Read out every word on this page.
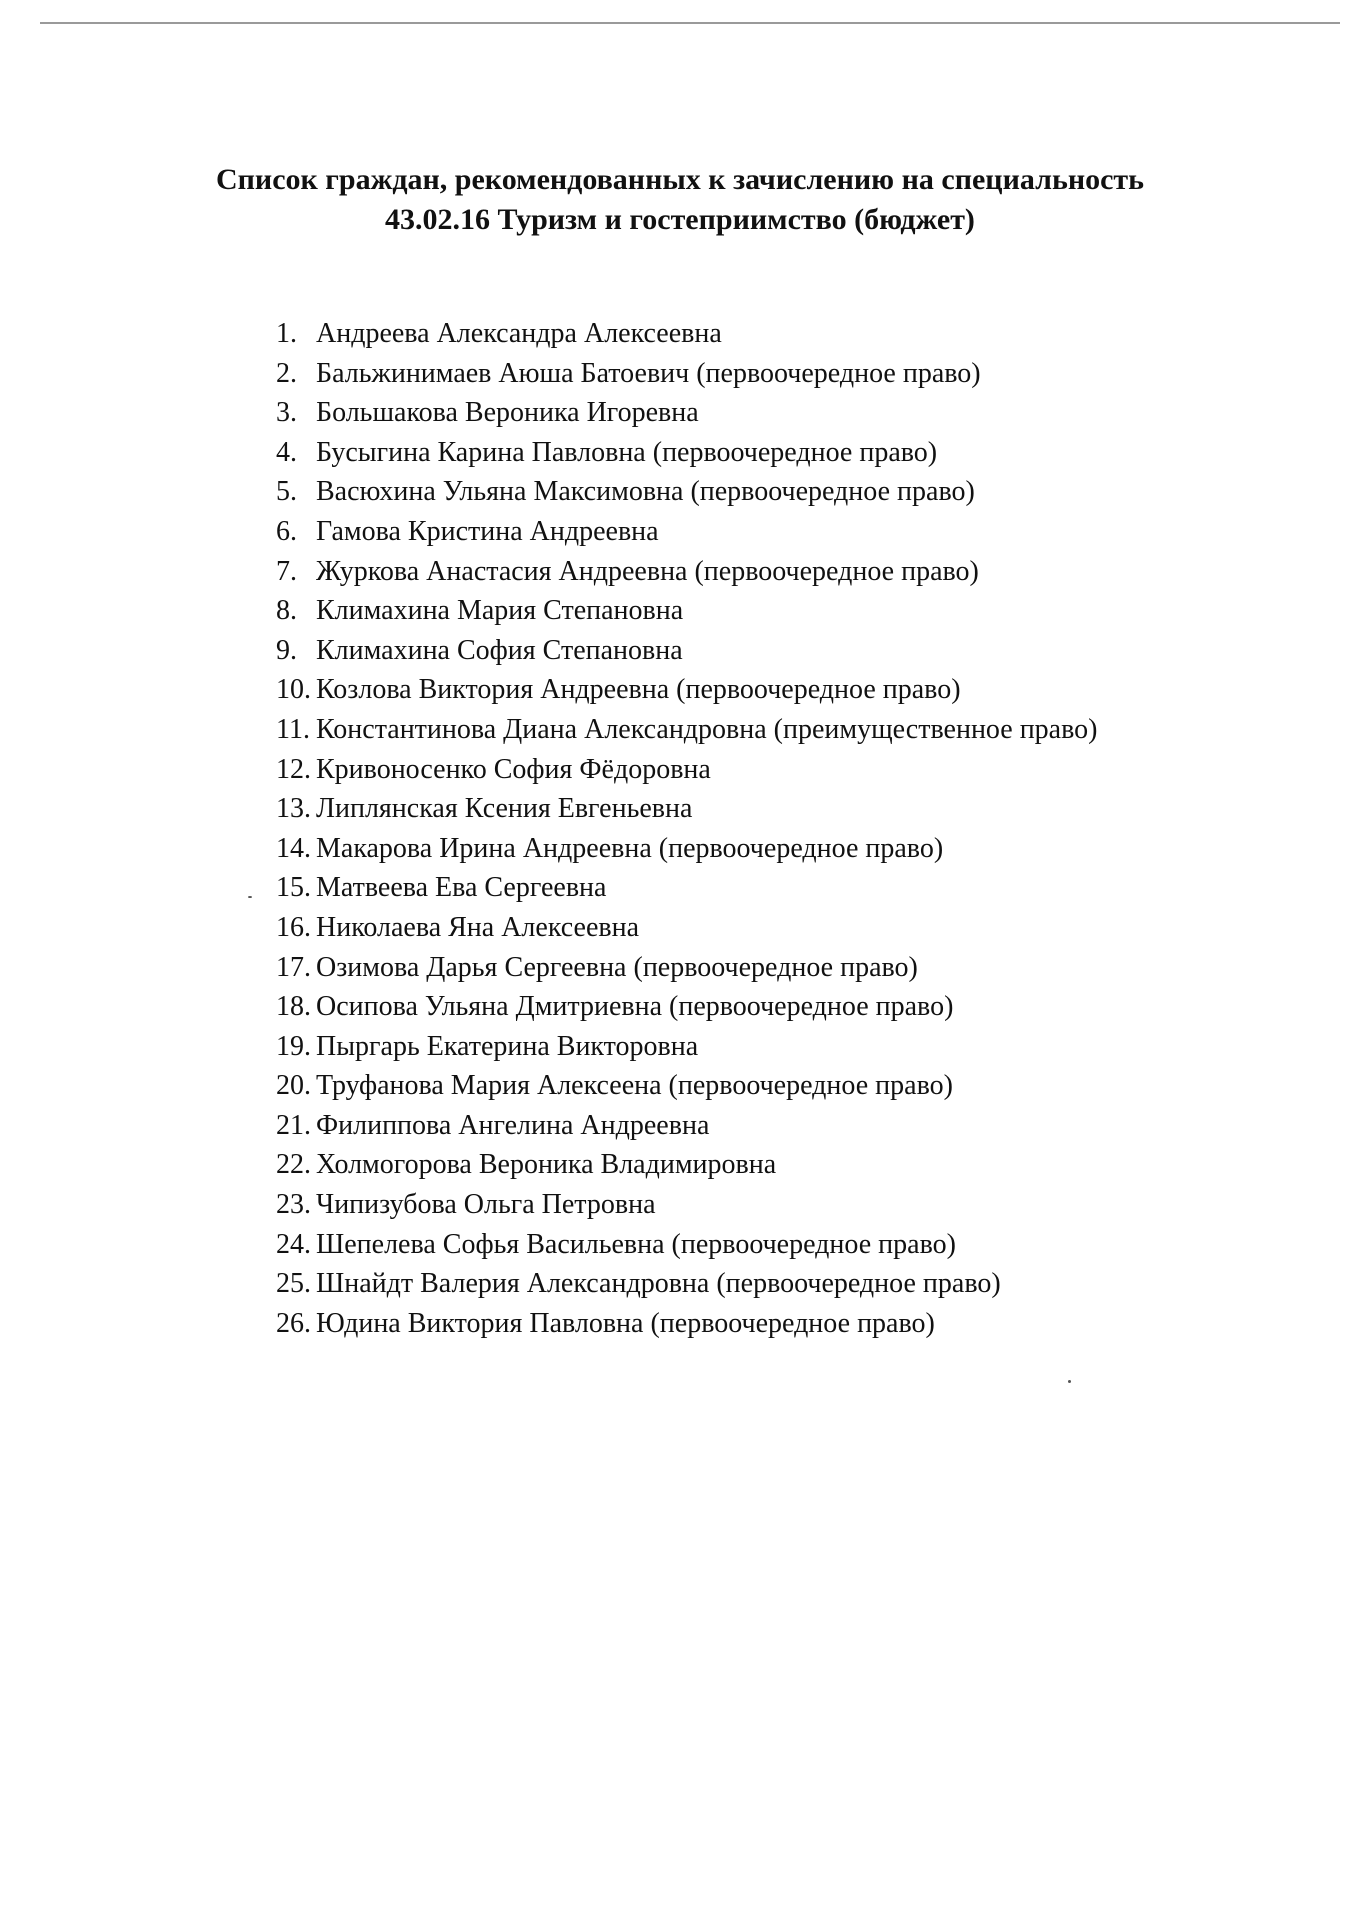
Список граждан, рекомендованных к зачислению на специальность
43.02.16 Туризм и гостеприимство (бюджет)
1. Андреева Александра Алексеевна
2. Бальжинимаев Аюша Батоевич (первоочередное право)
3. Большакова Вероника Игоревна
4. Бусыгина Карина Павловна (первоочередное право)
5. Васюхина Ульяна Максимовна (первоочередное право)
6. Гамова Кристина Андреевна
7. Журкова Анастасия Андреевна (первоочередное право)
8. Климахина Мария Степановна
9. Климахина София Степановна
10. Козлова Виктория Андреевна (первоочередное право)
11. Константинова Диана Александровна (преимущественное право)
12. Кривоносенко София Фёдоровна
13. Липлянская Ксения Евгеньевна
14. Макарова Ирина Андреевна (первоочередное право)
15. Матвеева Ева Сергеевна
16. Николаева Яна Алексеевна
17. Озимова Дарья Сергеевна (первоочередное право)
18. Осипова Ульяна Дмитриевна (первоочередное право)
19. Пыргарь Екатерина Викторовна
20. Труфанова Мария Алексеена (первоочередное право)
21. Филиппова Ангелина Андреевна
22. Холмогорова Вероника Владимировна
23. Чипизубова Ольга Петровна
24. Шепелева Софья Васильевна (первоочередное право)
25. Шнайдт Валерия Александровна (первоочередное право)
26. Юдина Виктория Павловна (первоочередное право)
